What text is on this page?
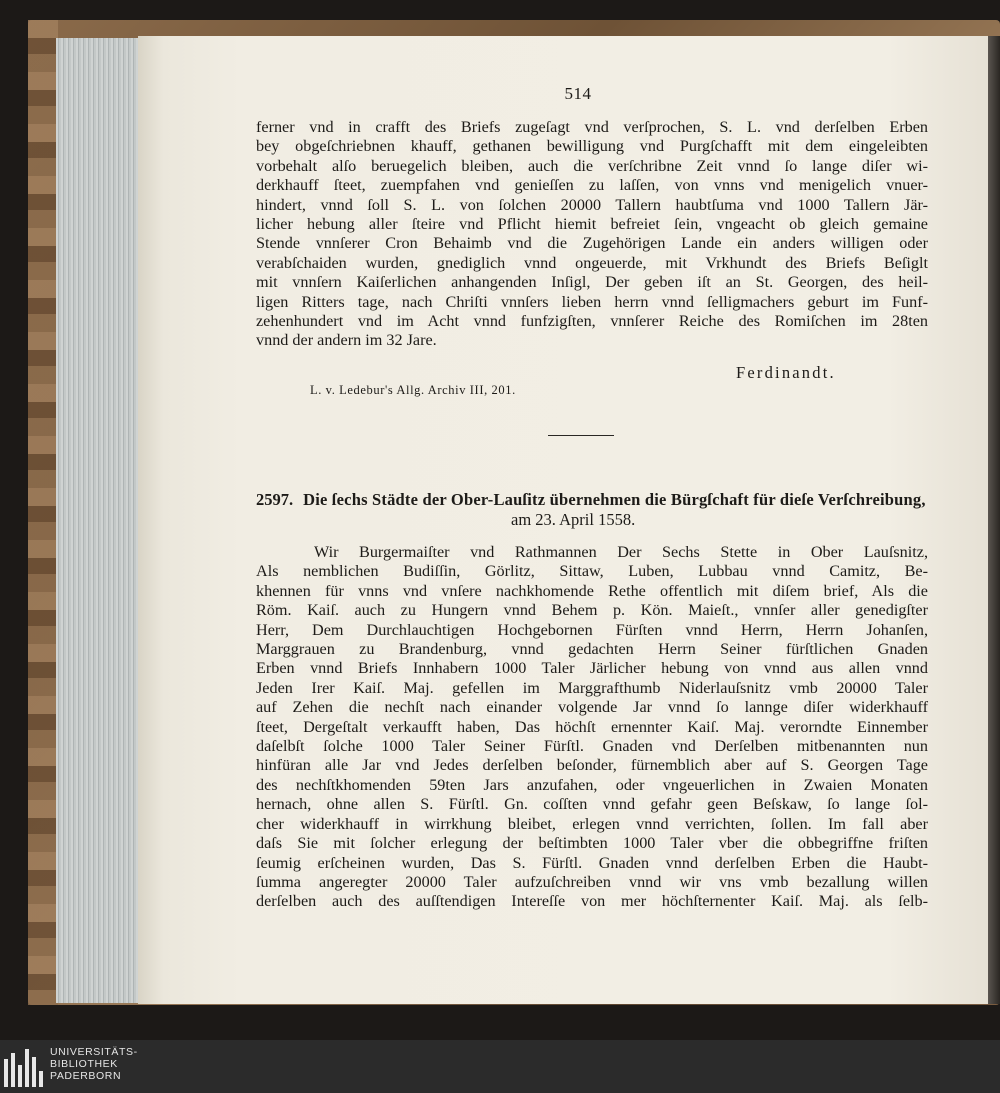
514
ferner vnd in crafft des Briefs zugeſagt vnd verſprochen, S. L. vnd derſelben Erben
bey obgeſchriebnen khauff, gethanen bewilligung vnd Purgſchafft mit dem eingeleibten
vorbehalt alſo beruegelich bleiben, auch die verſchribne Zeit vnnd ſo lange diſer wi-
derkhauff ſteet, zuempfahen vnd genieſſen zu laſſen, von vnns vnd menigelich vnuer-
hindert, vnnd ſoll S. L. von ſolchen 20000 Tallern haubtſuma vnd 1000 Tallern Jär-
licher hebung aller ſteire vnd Pflicht hiemit befreiet ſein, vngeacht ob gleich gemaine
Stende vnnſerer Cron Behaimb vnd die Zugehörigen Lande ein anders willigen oder
verabſchaiden wurden, gnediglich vnnd ongeuerde, mit Vrkhundt des Briefs Beſiglt
mit vnnſern Kaiſerlichen anhangenden Inſigl, Der geben iſt an St. Georgen, des heil-
ligen Ritters tage, nach Chriſti vnnſers lieben herrn vnnd ſelligmachers geburt im Funf-
zehenhundert vnd im Acht vnnd funfzigſten, vnnſerer Reiche des Romiſchen im 28ten
vnnd der andern im 32 Jare.
Ferdinandt.
L. v. Ledebur's Allg. Archiv III, 201.
2597. Die ſechs Städte der Ober-Lauſitz übernehmen die Bürgſchaft für dieſe Verſchreibung,
am 23. April 1558.
Wir Burgermaiſter vnd Rathmannen Der Sechs Stette in Ober Lauſsnitz,
Als nemblichen Budiſſin, Görlitz, Sittaw, Luben, Lubbau vnnd Camitz, Be-
khennen für vnns vnd vnſere nachkhomende Rethe offentlich mit diſem brief, Als die
Röm. Kaiſ. auch zu Hungern vnnd Behem p. Kön. Maieſt., vnnſer aller genedigſter
Herr, Dem Durchlauchtigen Hochgebornen Fürſten vnnd Herrn, Herrn Johanſen,
Marggrauen zu Brandenburg, vnnd gedachten Herrn Seiner fürſtlichen Gnaden
Erben vnnd Briefs Innhabern 1000 Taler Järlicher hebung von vnnd aus allen vnnd
Jeden Irer Kaiſ. Maj. gefellen im Marggrafthumb Niderlauſsnitz vmb 20000 Taler
auf Zehen die nechſt nach einander volgende Jar vnnd ſo lannge diſer widerkhauff
ſteet, Dergeſtalt verkaufft haben, Das höchſt ernennter Kaiſ. Maj. verorndte Einnember
daſelbſt ſolche 1000 Taler Seiner Fürſtl. Gnaden vnd Derſelben mitbenannten nun
hinfüran alle Jar vnd Jedes derſelben beſonder, fürnemblich aber auf S. Georgen Tage
des nechſtkhomenden 59ten Jars anzufahen, oder vngeuerlichen in Zwaien Monaten
hernach, ohne allen S. Fürſtl. Gn. coſſten vnnd gefahr geen Beſskaw, ſo lange ſol-
cher widerkhauff in wirrkhung bleibet, erlegen vnnd verrichten, ſollen. Im fall aber
daſs Sie mit ſolcher erlegung der beſtimbten 1000 Taler vber die obbegriffne friſten
ſeumig erſcheinen wurden, Das S. Fürſtl. Gnaden vnnd derſelben Erben die Haubt-
ſumma angeregter 20000 Taler aufzuſchreiben vnnd wir vns vmb bezallung willen
derſelben auch des auſſtendigen Intereſſe von mer höchſternenter Kaiſ. Maj. als ſelb-
UNIVERSITÄTS-
BIBLIOTHEK
PADERBORN
